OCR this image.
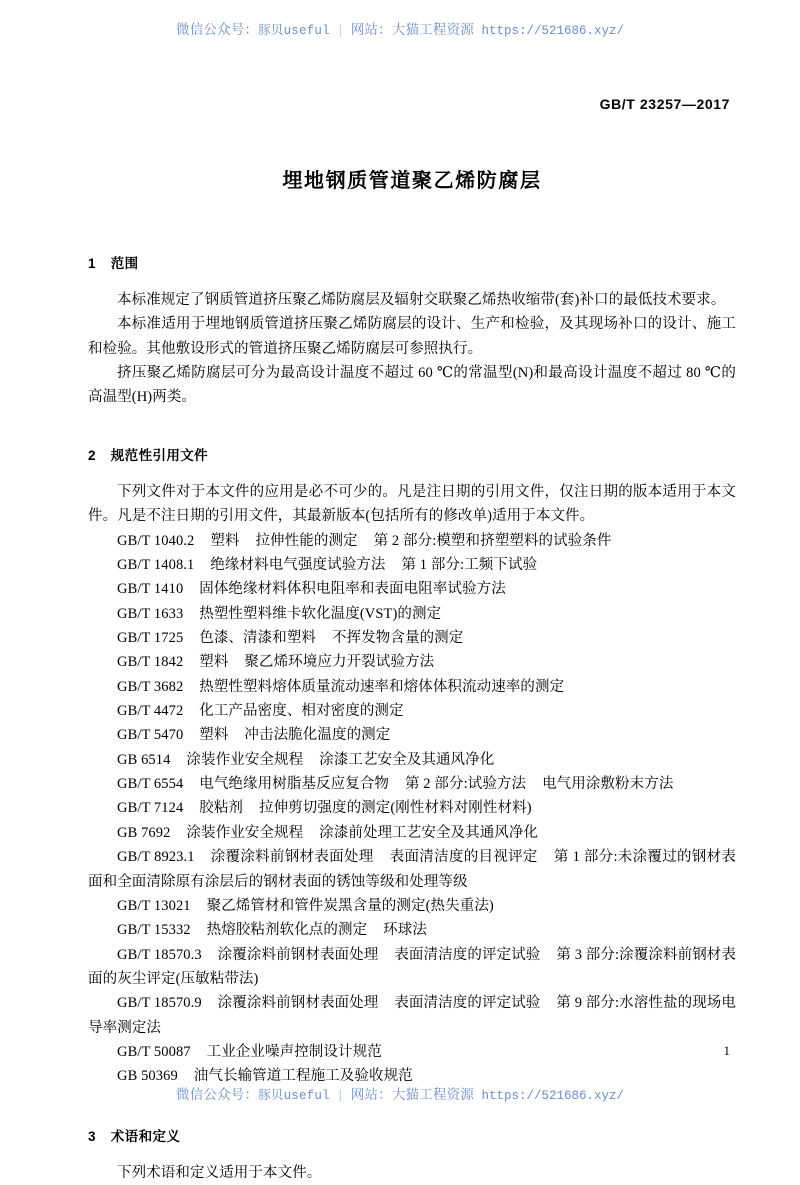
微信公众号：豚贝useful | 网站：大猫工程资源 https://521686.xyz/
GB/T 23257—2017
埋地钢质管道聚乙烯防腐层
1 范围

本标准规定了钢质管道挤压聚乙烯防腐层及辐射交联聚乙烯热收缩带(套)补口的最低技术要求。

本标准适用于埋地钢质管道挤压聚乙烯防腐层的设计、生产和检验，及其现场补口的设计、施工和检验。其他敷设形式的管道挤压聚乙烯防腐层可参照执行。

挤压聚乙烯防腐层可分为最高设计温度不超过 60 ℃的常温型(N)和最高设计温度不超过 80 ℃的高温型(H)两类。

2 规范性引用文件

下列文件对于本文件的应用是必不可少的。凡是注日期的引用文件，仅注日期的版本适用于本文件。凡是不注日期的引用文件，其最新版本(包括所有的修改单)适用于本文件。

GB/T 1040.2 塑料 拉伸性能的测定 第 2 部分:模塑和挤塑塑料的试验条件
GB/T 1408.1 绝缘材料电气强度试验方法 第 1 部分:工频下试验
GB/T 1410 固体绝缘材料体积电阻率和表面电阻率试验方法
GB/T 1633 热塑性塑料维卡软化温度(VST)的测定
GB/T 1725 色漆、清漆和塑料 不挥发物含量的测定
GB/T 1842 塑料 聚乙烯环境应力开裂试验方法
GB/T 3682 热塑性塑料熔体质量流动速率和熔体体积流动速率的测定
GB/T 4472 化工产品密度、相对密度的测定
GB/T 5470 塑料 冲击法脆化温度的测定
GB 6514 涂装作业安全规程 涂漆工艺安全及其通风净化
GB/T 6554 电气绝缘用树脂基反应复合物 第 2 部分:试验方法 电气用涂敷粉末方法
GB/T 7124 胶粘剂 拉伸剪切强度的测定(刚性材料对刚性材料)
GB 7692 涂装作业安全规程 涂漆前处理工艺安全及其通风净化
GB/T 8923.1 涂覆涂料前钢材表面处理 表面清洁度的目视评定 第 1 部分:未涂覆过的钢材表面和全面清除原有涂层后的钢材表面的锈蚀等级和处理等级
GB/T 13021 聚乙烯管材和管件炭黑含量的测定(热失重法)
GB/T 15332 热熔胶粘剂软化点的测定 环球法
GB/T 18570.3 涂覆涂料前钢材表面处理 表面清洁度的评定试验 第 3 部分:涂覆涂料前钢材表面的灰尘评定(压敏粘带法)
GB/T 18570.9 涂覆涂料前钢材表面处理 表面清洁度的评定试验 第 9 部分:水溶性盐的现场电导率测定法
GB/T 50087 工业企业噪声控制设计规范
GB 50369 油气长输管道工程施工及验收规范
3 术语和定义

下列术语和定义适用于本文件。

1
微信公众号：豚贝useful | 网站：大猫工程资源 https://521686.xyz/
